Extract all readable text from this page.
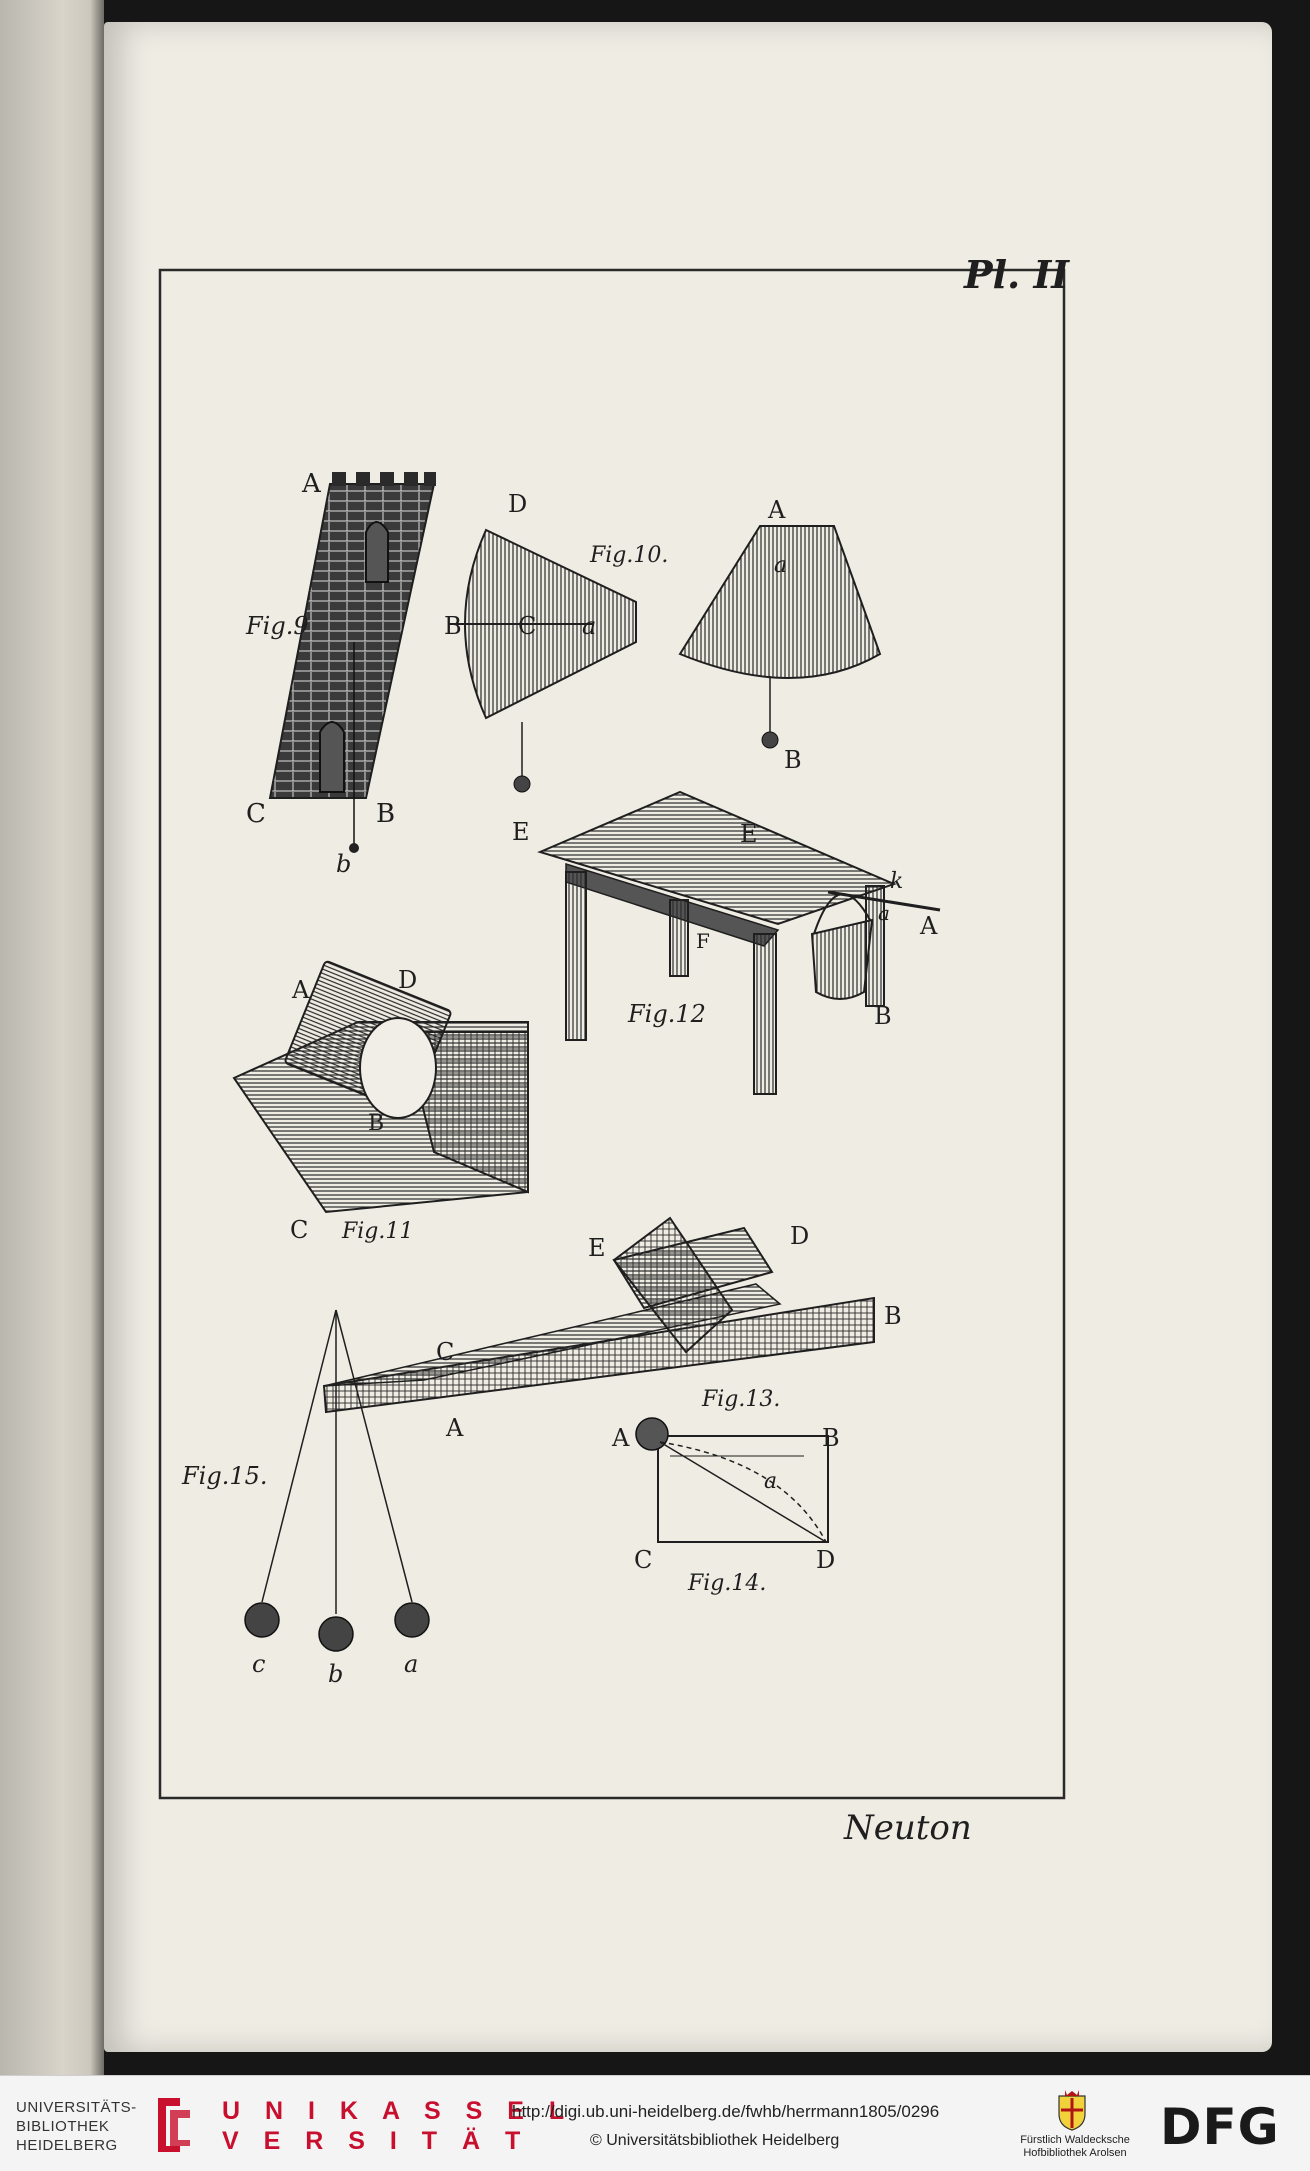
A
C	B
b
Fig.9
D
B C a
E
Fig.10.
A
a
B
E
F
k
a A
B
Fig.12
A	D
B
C Fig.11
E	D
B
C
A
Fig.13.
A	B
a
C	D
Fig.14.
Fig.15.
c	b	a
Pl. II
Neuton
UNIVERSITÄTS-
BIBLIOTHEK
HEIDELBERG
U N I K A S S E L
V E R S I T Ä T
http://digi.ub.uni-heidelberg.de/fwhb/herrmann1805/0296
© Universitätsbibliothek Heidelberg	Fürstlich Waldecksche
Hofbibliothek Arolsen DFG
